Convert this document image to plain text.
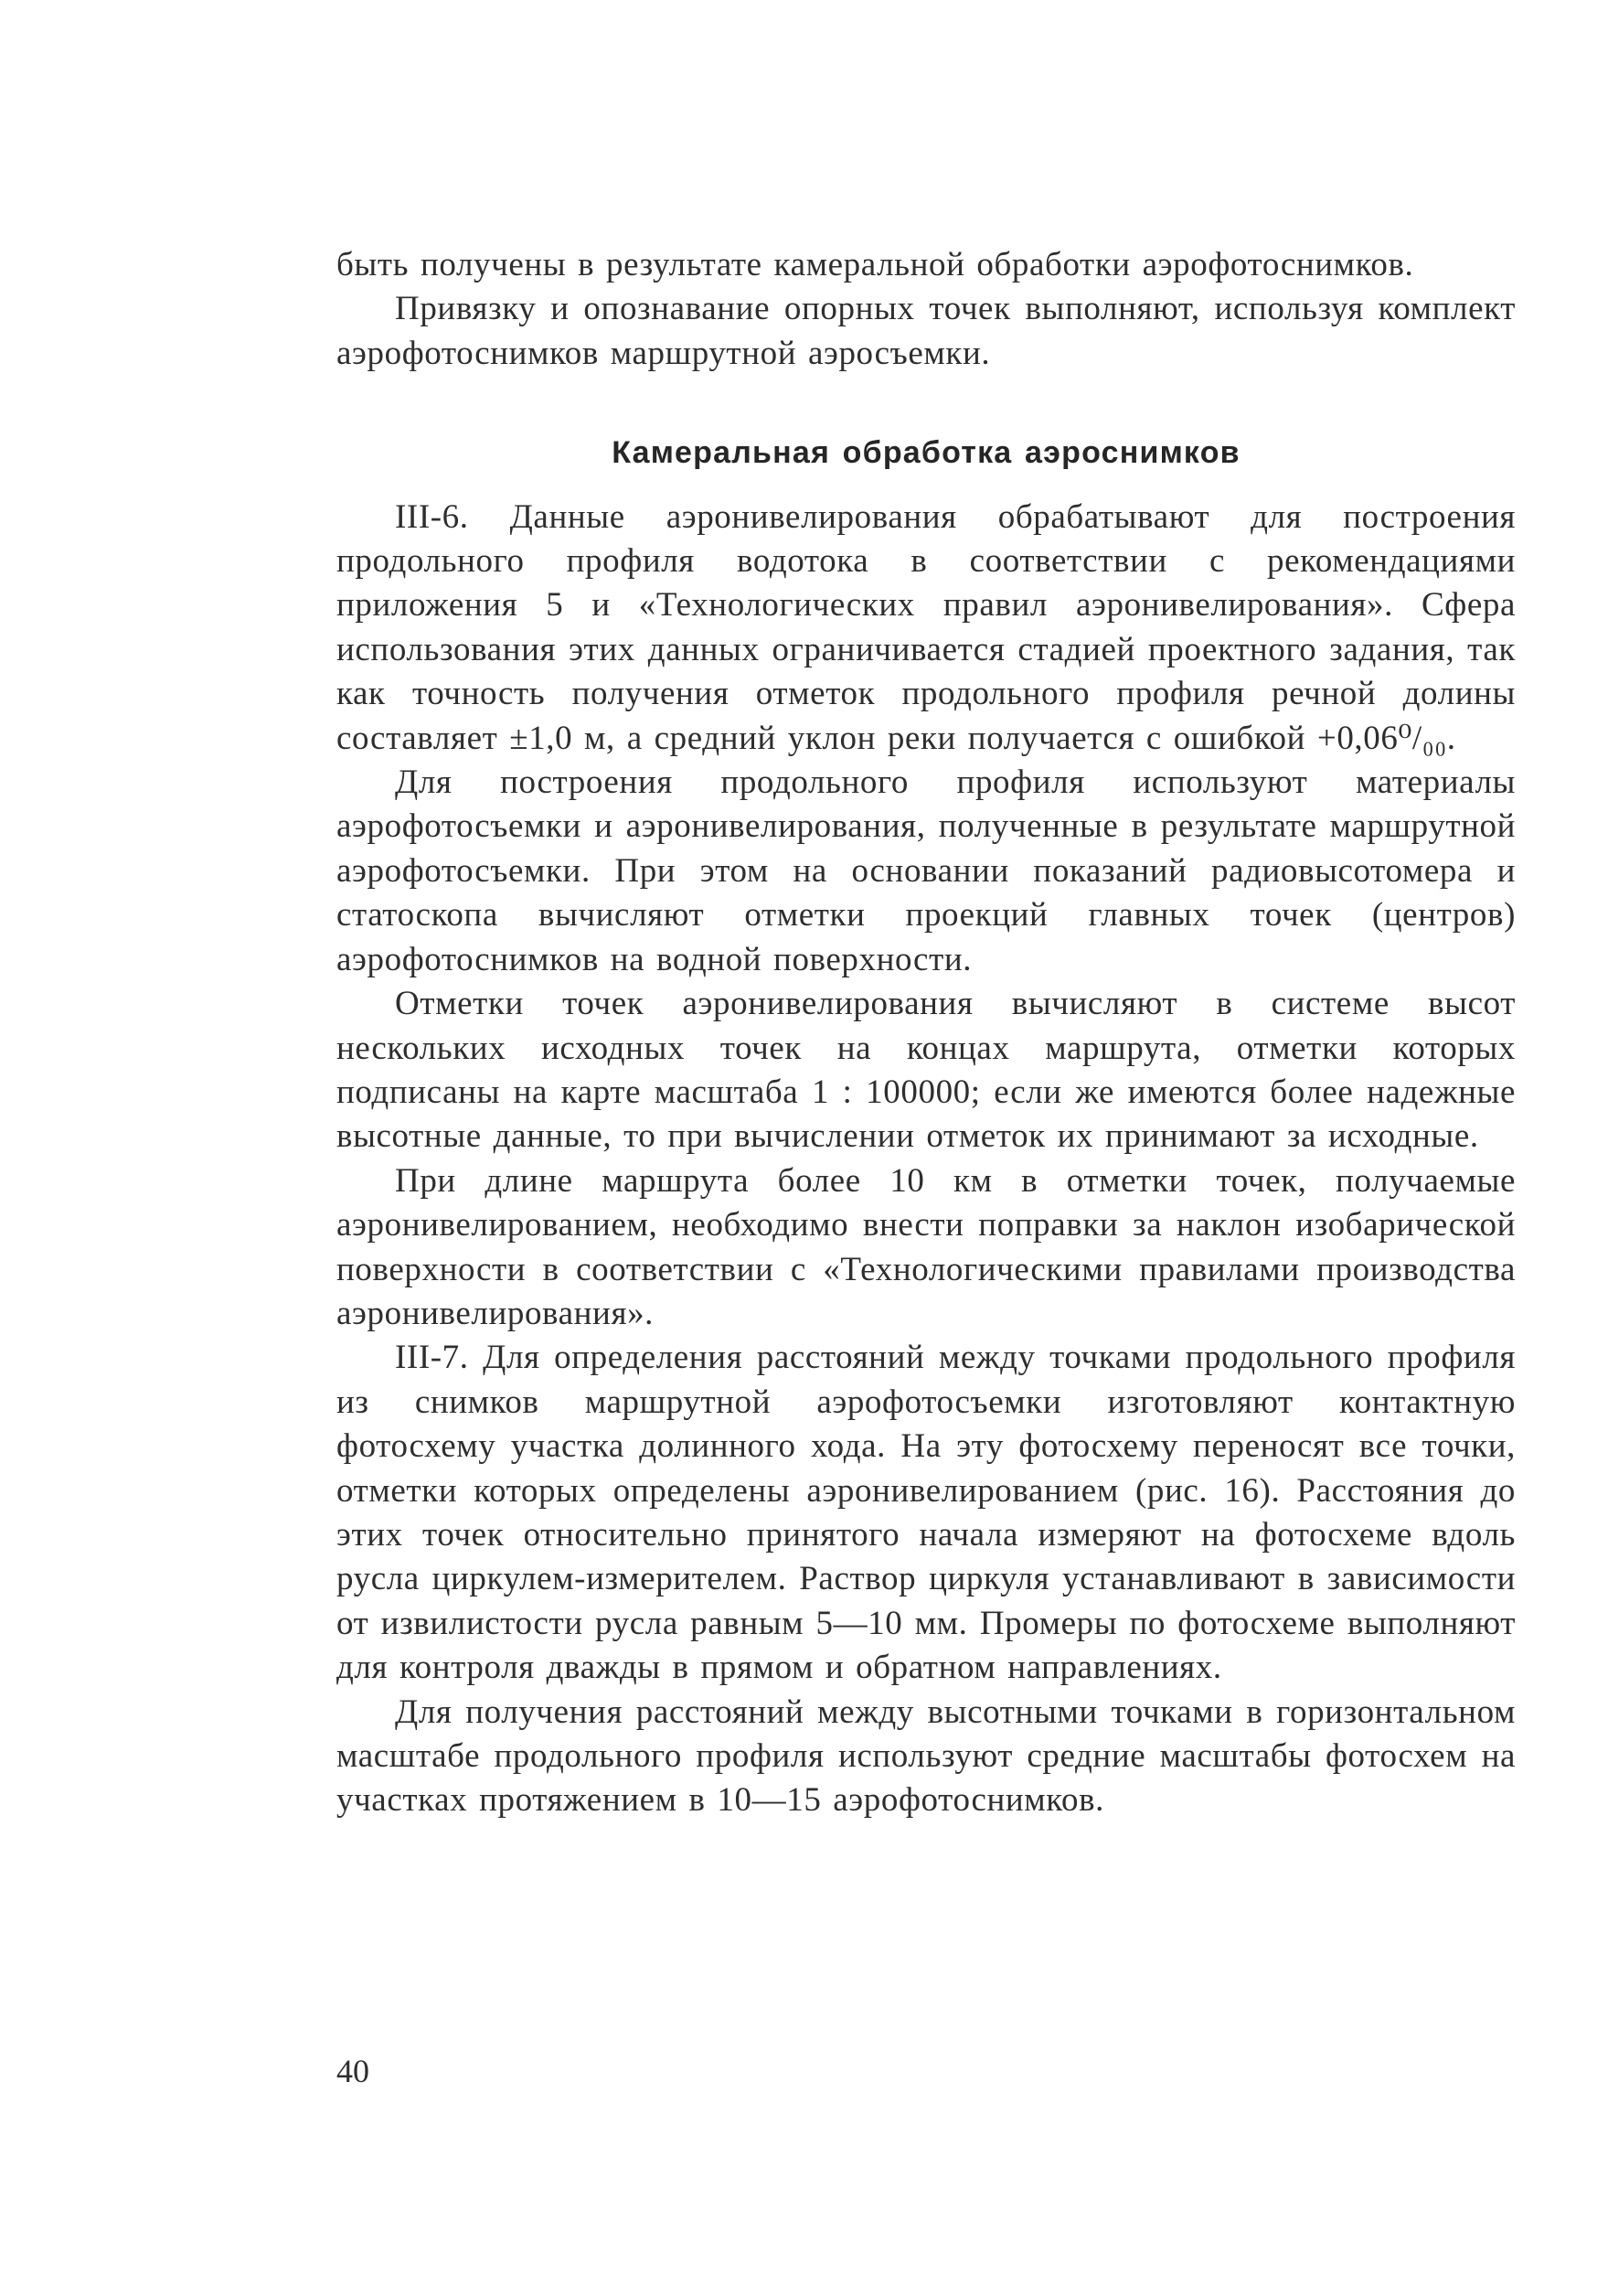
быть получены в результате камеральной обработки аэрофотоснимков.

Привязку и опознавание опорных точек выполняют, используя комплект аэрофотоснимков маршрутной аэросъемки.

Камеральная обработка аэроснимков

III-6. Данные аэронивелирования обрабатывают для построения продольного профиля водотока в соответствии с рекомендациями приложения 5 и «Технологических правил аэронивелирования». Сфера использования этих данных ограничивается стадией проектного задания, так как точность получения отметок продольного профиля речной долины составляет ±1,0 м, а средний уклон реки получается с ошибкой +0,06⁰/₀₀.

Для построения продольного профиля используют материалы аэрофотосъемки и аэронивелирования, полученные в результате маршрутной аэрофотосъемки. При этом на основании показаний радиовысотомера и статоскопа вычисляют отметки проекций главных точек (центров) аэрофотоснимков на водной поверхности.

Отметки точек аэронивелирования вычисляют в системе высот нескольких исходных точек на концах маршрута, отметки которых подписаны на карте масштаба 1 : 100000; если же имеются более надежные высотные данные, то при вычислении отметок их принимают за исходные.

При длине маршрута более 10 км в отметки точек, получаемые аэронивелированием, необходимо внести поправки за наклон изобарической поверхности в соответствии с «Технологическими правилами производства аэронивелирования».

III-7. Для определения расстояний между точками продольного профиля из снимков маршрутной аэрофотосъемки изготовляют контактную фотосхему участка долинного хода. На эту фотосхему переносят все точки, отметки которых определены аэронивелированием (рис. 16). Расстояния до этих точек относительно принятого начала измеряют на фотосхеме вдоль русла циркулем-измерителем. Раствор циркуля устанавливают в зависимости от извилистости русла равным 5—10 мм. Промеры по фотосхеме выполняют для контроля дважды в прямом и обратном направлениях.

Для получения расстояний между высотными точками в горизонтальном масштабе продольного профиля используют средние масштабы фотосхем на участках протяжением в 10—15 аэрофотоснимков.

40
